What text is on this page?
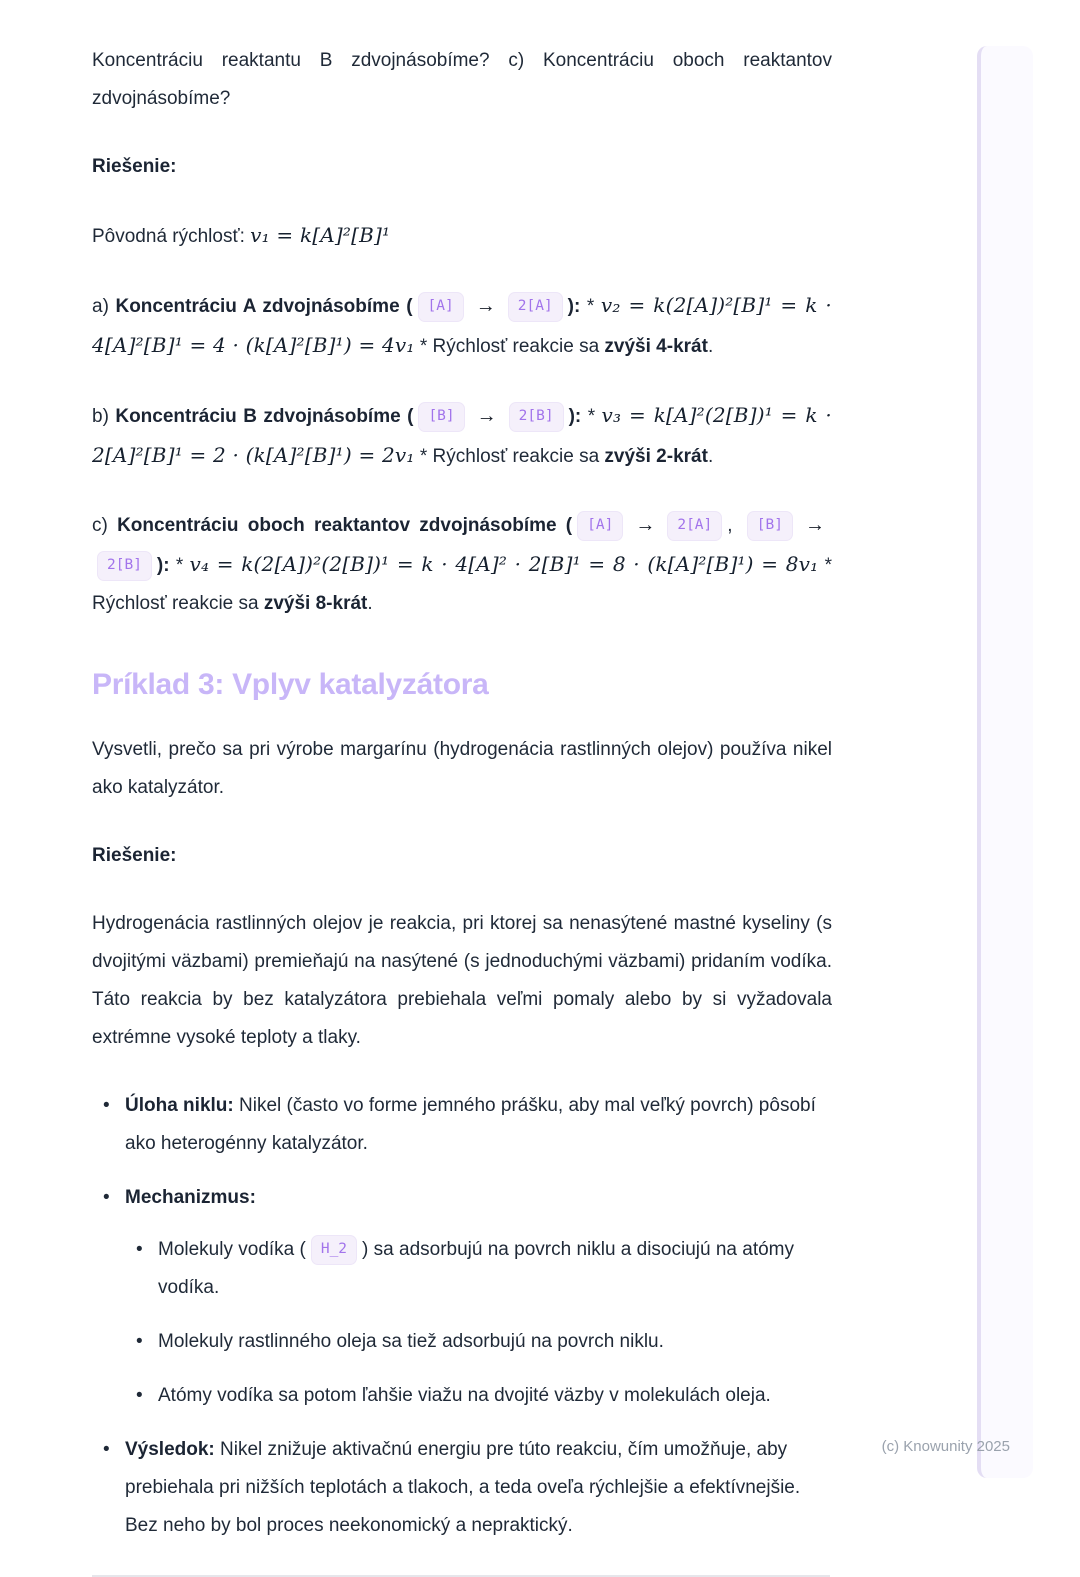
Koncentráciu reaktantu B zdvojnásobíme? c) Koncentráciu oboch reaktantov zdvojnásobíme?

Riešenie:

Pôvodná rýchlosť: v₁ = k[A]²[B]¹

a) Koncentráciu A zdvojnásobíme ( [A] → 2[A] ): * v₂ = k(2[A])²[B]¹ = k · 4[A]²[B]¹ = 4 · (k[A]²[B]¹) = 4v₁ * Rýchlosť reakcie sa zvýši 4-krát.

b) Koncentráciu B zdvojnásobíme ( [B] → 2[B] ): * v₃ = k[A]²(2[B])¹ = k · 2[A]²[B]¹ = 2 · (k[A]²[B]¹) = 2v₁ * Rýchlosť reakcie sa zvýši 2-krát.

c) Koncentráciu oboch reaktantov zdvojnásobíme ( [A] → 2[A] , [B] →2[B] ): * v₄ = k(2[A])²(2[B])¹ = k · 4[A]² · 2[B]¹ = 8 · (k[A]²[B]¹) = 8v₁ * Rýchlosť reakcie sa zvýši 8-krát.

Príklad 3: Vplyv katalyzátora

Vysvetli, prečo sa pri výrobe margarínu (hydrogenácia rastlinných olejov) používa nikel ako katalyzátor.

Riešenie:

Hydrogenácia rastlinných olejov je reakcia, pri ktorej sa nenasýtené mastné kyseliny (s dvojitými väzbami) premieňajú na nasýtené (s jednoduchými väzbami) pridaním vodíka. Táto reakcia by bez katalyzátora prebiehala veľmi pomaly alebo by si vyžadovala extrémne vysoké teploty a tlaky.

• Úloha niklu: Nikel (často vo forme jemného prášku, aby mal veľký povrch) pôsobí ako heterogénny katalyzátor.
• Mechanizmus:
• Molekuly vodíka ( H_2 ) sa adsorbujú na povrch niklu a disociujú na atómy vodíka.
• Molekuly rastlinného oleja sa tiež adsorbujú na povrch niklu.
• Atómy vodíka sa potom ľahšie viažu na dvojité väzby v molekulách oleja.
• Výsledok: Nikel znižuje aktivačnú energiu pre túto reakciu, čím umožňuje, aby prebiehala pri nižších teplotách a tlakoch, a teda oveľa rýchlejšie a efektívnejšie. Bez neho by bol proces neekonomický a nepraktický.
(c) Knowunity 2025
